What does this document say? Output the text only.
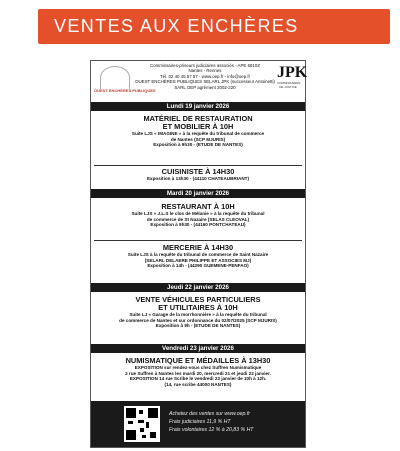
VENTES AUX ENCHÈRES
OUEST ENCHÈRES PUBLIQUES
Commissaires-priseurs judiciaires associés - APE 6910Z
Nantes - Rennes
Tél. 02 40 45 57 57 - www.oep.fr - info@oep.fr
OUEST ENCHÈRES PUBLIQUES SELARL JPK (successeur Antoinetti)
SARL OEP agrément 2002-220
JPK
COMMISSAIRES DE JUSTICE
Lundi 19 janvier 2026
MATÉRIEL DE RESTAURATION
ET MOBILIER À 10H
Suite LJS « IMAGINE » à la requête du tribunal de commerce
de Nantes (SCP MJURIS)
Exposition à 9h30 - (ETUDE DE NANTES)
CUISINISTE À 14H30
Exposition à 13h30 - (44110 CHATEAUBRIANT)
Mardi 20 janvier 2026
RESTAURANT À 10H
Suite LJS « J.L.S le clos de Mélanie » à la requête du tribunal
de commerce de St Nazaire (SELAS CLEOVAL)
Exposition à 9h30 - (44160 PONTCHATEAU)
MERCERIE À 14H30
Suite LJS à la requête du tribunal de commerce de Saint Nazaire
(SELARL DELAERE PHILIPPE ET ASSOCIES MJ)
Exposition à 14h - (44290 GUEMENE-PENFAO)
Jeudi 22 janvier 2026
VENTE VÉHICULES PARTICULIERS
ET UTILITAIRES À 10H
Suite LJ « Garage de la morrhonnière » à la requête du tribunal
de commerce de Nantes et sur ordonnance du 02/07/2025 (SCP MJURIS)
Exposition à 9h - (ETUDE DE NANTES)
Vendredi 23 janvier 2026
NUMISMATIQUE ET MÉDAILLES À 13H30
EXPOSITION sur rendez-vous chez Suffren Numismatique
2 rue Suffren à Nantes les mardi 20, mercredi 21 et jeudi 22 janvier.
EXPOSITION 14 rue Scribe le vendredi 23 janvier de 10h à 12h.
(14, rue scribe 44000 NANTES)
Achetez des ventes sur www.oep.fr
Frais judiciaires 11,9 % HT
Frais volontaires 12 % à 20,83 % HT
